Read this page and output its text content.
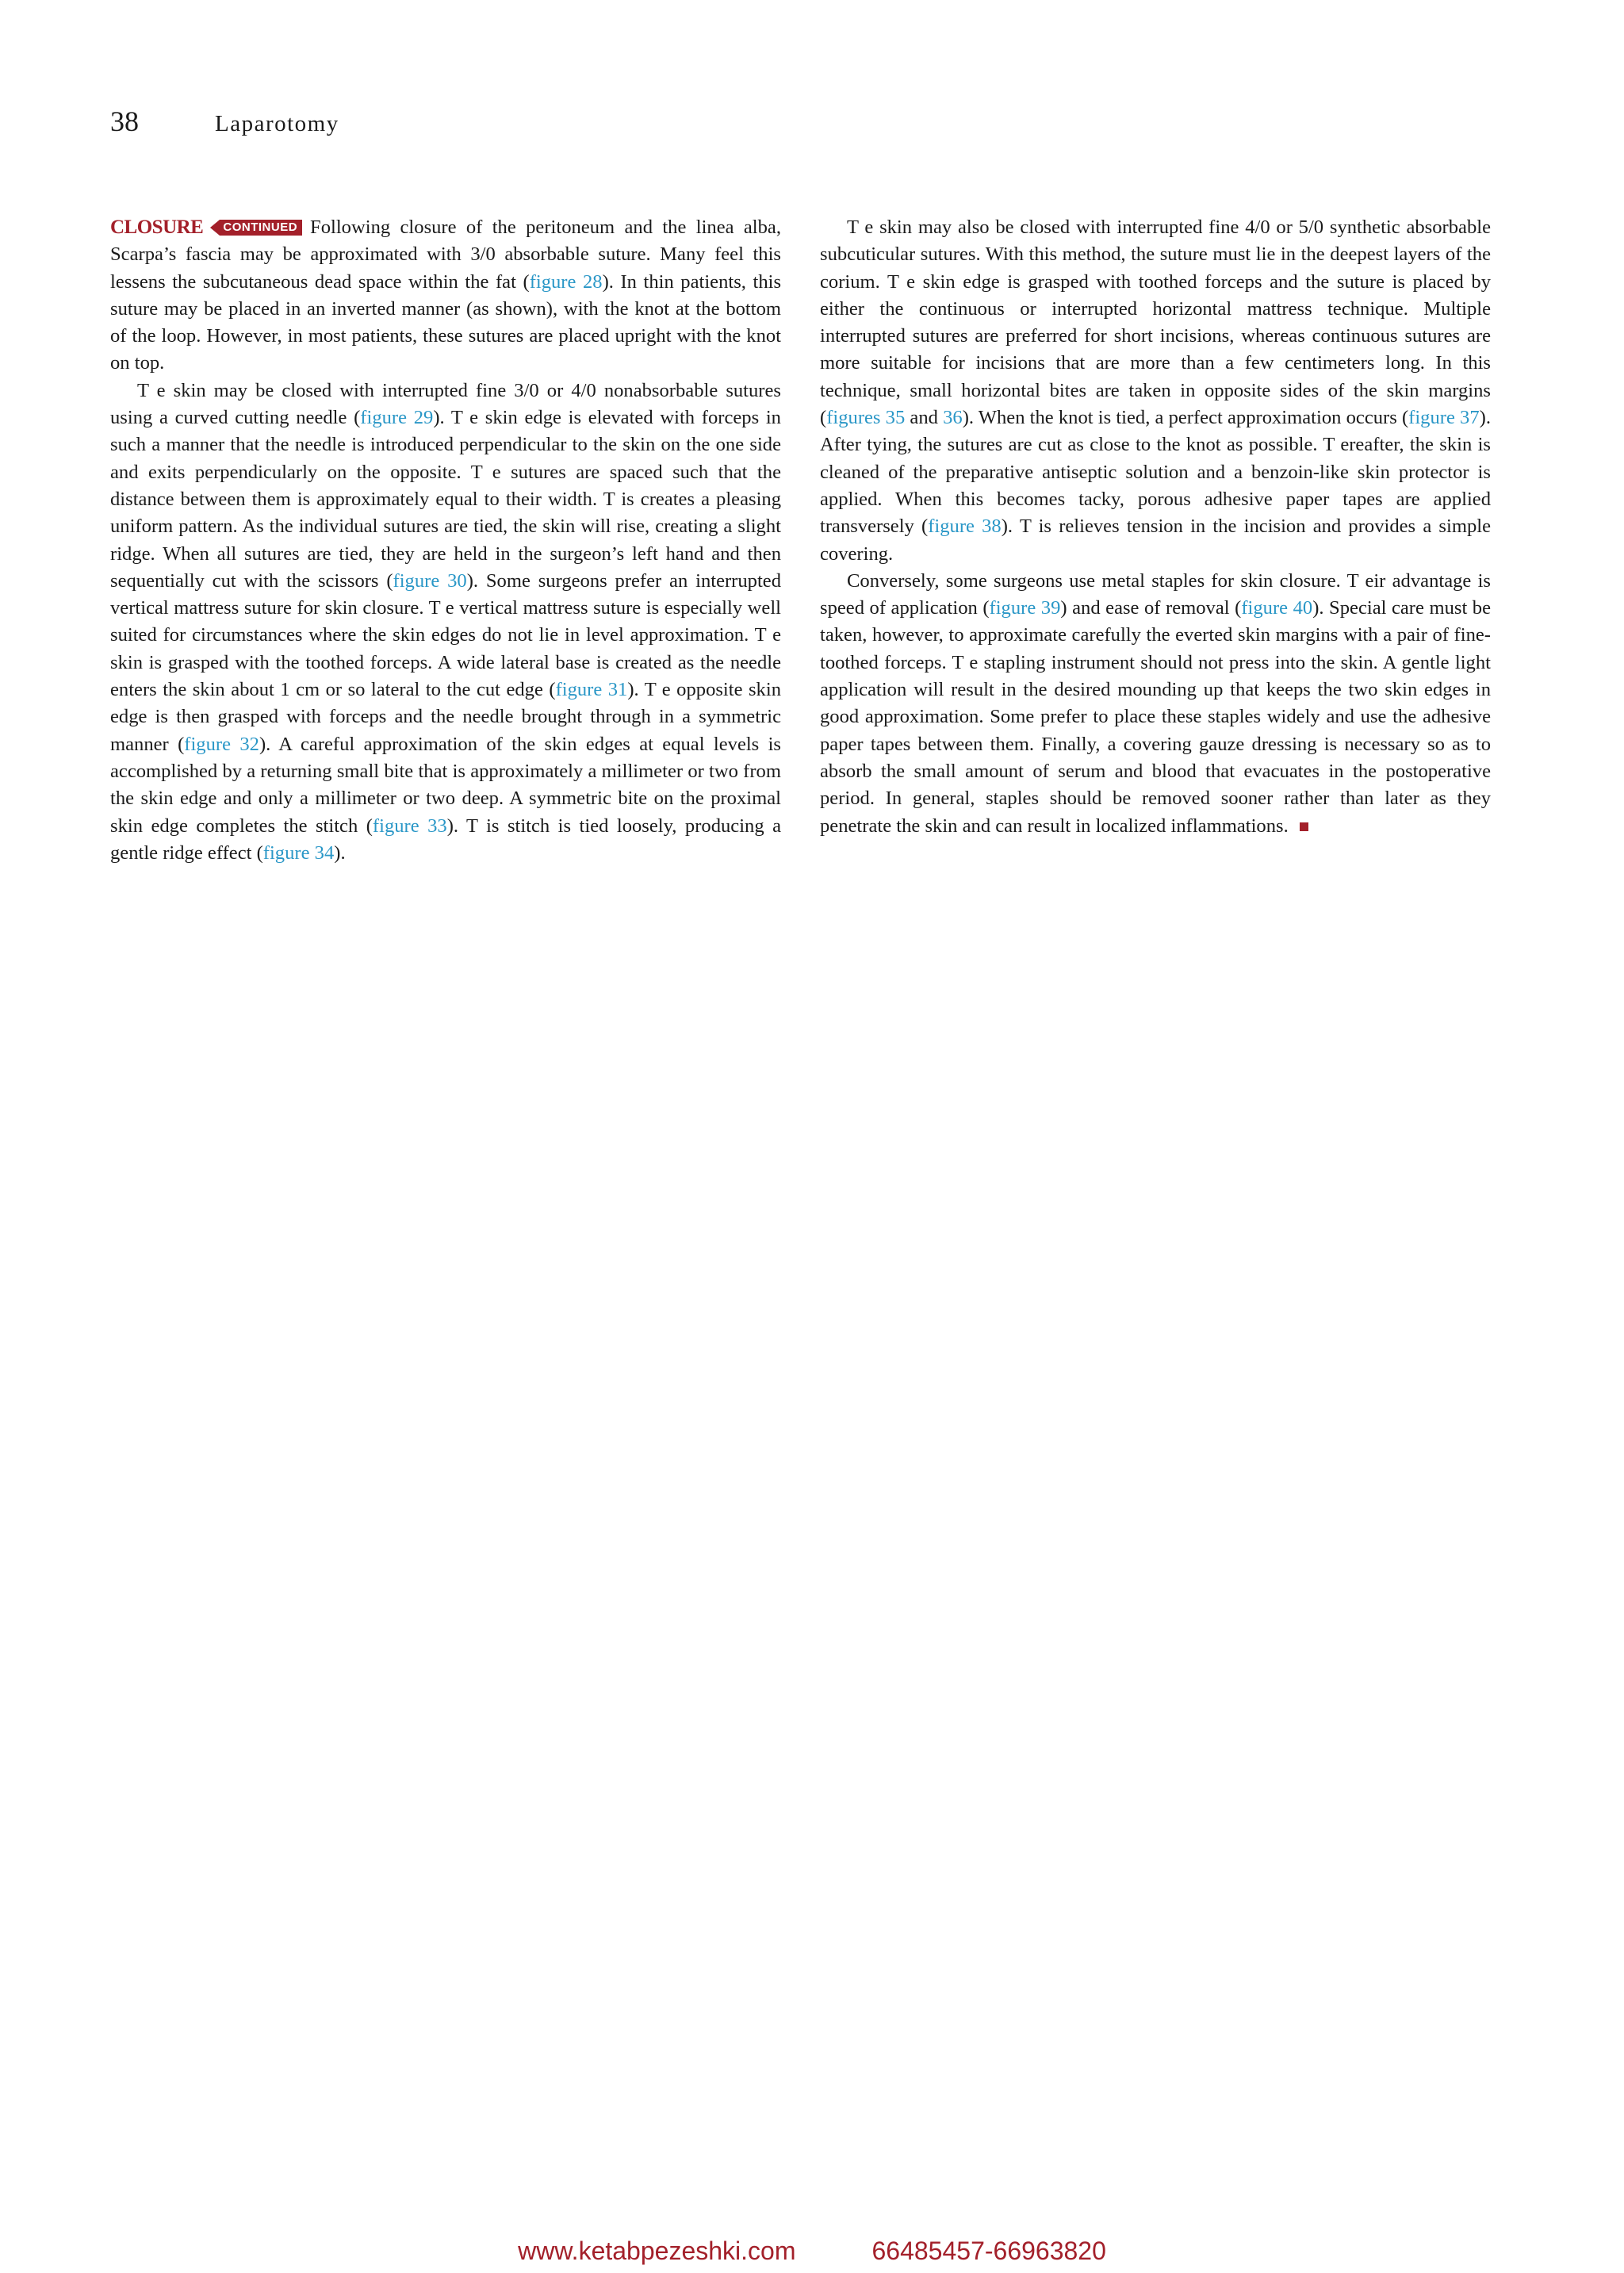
38	Laparotomy

CLOSURE CONTINUED Following closure of the peritoneum and the linea alba, Scarpa’s fascia may be approximated with 3/0 absorbable suture. Many feel this lessens the subcutaneous dead space within the fat (figure 28). In thin patients, this suture may be placed in an inverted manner (as shown), with the knot at the bottom of the loop. However, in most patients, these sutures are placed upright with the knot on top.

T e skin may be closed with interrupted fine 3/0 or 4/0 nonabsorbable sutures using a curved cutting needle (figure 29). T e skin edge is elevated with forceps in such a manner that the needle is introduced perpendicular to the skin on the one side and exits perpendicularly on the opposite. T e sutures are spaced such that the distance between them is approximately equal to their width. T is creates a pleasing uniform pattern. As the individual sutures are tied, the skin will rise, creating a slight ridge. When all sutures are tied, they are held in the surgeon’s left hand and then sequentially cut with the scissors (figure 30). Some surgeons prefer an interrupted vertical mattress suture for skin closure. T e vertical mattress suture is especially well suited for circumstances where the skin edges do not lie in level approximation. T e skin is grasped with the toothed forceps. A wide lateral base is created as the needle enters the skin about 1 cm or so lateral to the cut edge (figure 31). T e opposite skin edge is then grasped with forceps and the needle brought through in a symmetric manner (figure 32). A careful approximation of the skin edges at equal levels is accomplished by a returning small bite that is approximately a millimeter or two from the skin edge and only a millimeter or two deep. A symmetric bite on the proximal skin edge completes the stitch (figure 33). T is stitch is tied loosely, producing a gentle ridge effect (figure 34).

T e skin may also be closed with interrupted fine 4/0 or 5/0 synthetic absorbable subcuticular sutures. With this method, the suture must lie in the deepest layers of the corium. T e skin edge is grasped with toothed forceps and the suture is placed by either the continuous or interrupted horizontal mattress technique. Multiple interrupted sutures are preferred for short incisions, whereas continuous sutures are more suitable for incisions that are more than a few centimeters long. In this technique, small horizontal bites are taken in opposite sides of the skin margins (figures 35 and 36). When the knot is tied, a perfect approximation occurs (figure 37). After tying, the sutures are cut as close to the knot as possible. T ereafter, the skin is cleaned of the preparative antiseptic solution and a benzoin-like skin protector is applied. When this becomes tacky, porous adhesive paper tapes are applied transversely (figure 38). T is relieves tension in the incision and provides a simple covering.

Conversely, some surgeons use metal staples for skin closure. T eir advantage is speed of application (figure 39) and ease of removal (figure 40). Special care must be taken, however, to approximate carefully the everted skin margins with a pair of fine-toothed forceps. T e stapling instrument should not press into the skin. A gentle light application will result in the desired mounding up that keeps the two skin edges in good approximation. Some prefer to place these staples widely and use the adhesive paper tapes between them. Finally, a covering gauze dressing is necessary so as to absorb the small amount of serum and blood that evacuates in the postoperative period. In general, staples should be removed sooner rather than later as they penetrate the skin and can result in localized inflammations.

www.ketabpezeshki.com	66485457-66963820
